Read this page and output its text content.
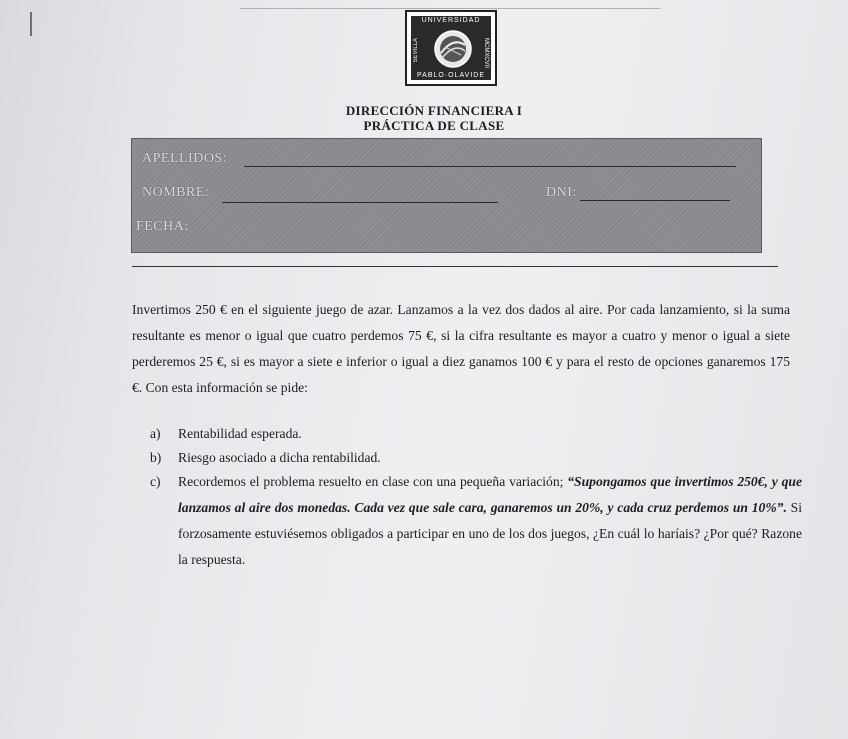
UNIVERSIDAD
SEVILLA	MCMXCVII
PABLO·OLAVIDE
DIRECCIÓN FINANCIERA I
PRÁCTICA DE CLASE
APELLIDOS:
NOMBRE:	DNI:
FECHA:
Invertimos 250 € en el siguiente juego de azar. Lanzamos a la vez dos dados al aire. Por cada lanzamiento, si la suma resultante es menor o igual que cuatro perdemos 75 €, si la cifra resultante es mayor a cuatro y menor o igual a siete perderemos 25 €, si es mayor a siete e inferior o igual a diez ganamos 100 € y para el resto de opciones ganaremos 175 €. Con esta información se pide:
a) Rentabilidad esperada.
b) Riesgo asociado a dicha rentabilidad.
c) Recordemos el problema resuelto en clase con una pequeña variación; “Supongamos que invertimos 250€, y que lanzamos al aire dos monedas. Cada vez que sale cara, ganaremos un 20%, y cada cruz perdemos un 10%”. Si forzosamente estuviésemos obligados a participar en uno de los dos juegos, ¿En cuál lo haríais? ¿Por qué? Razone la respuesta.
